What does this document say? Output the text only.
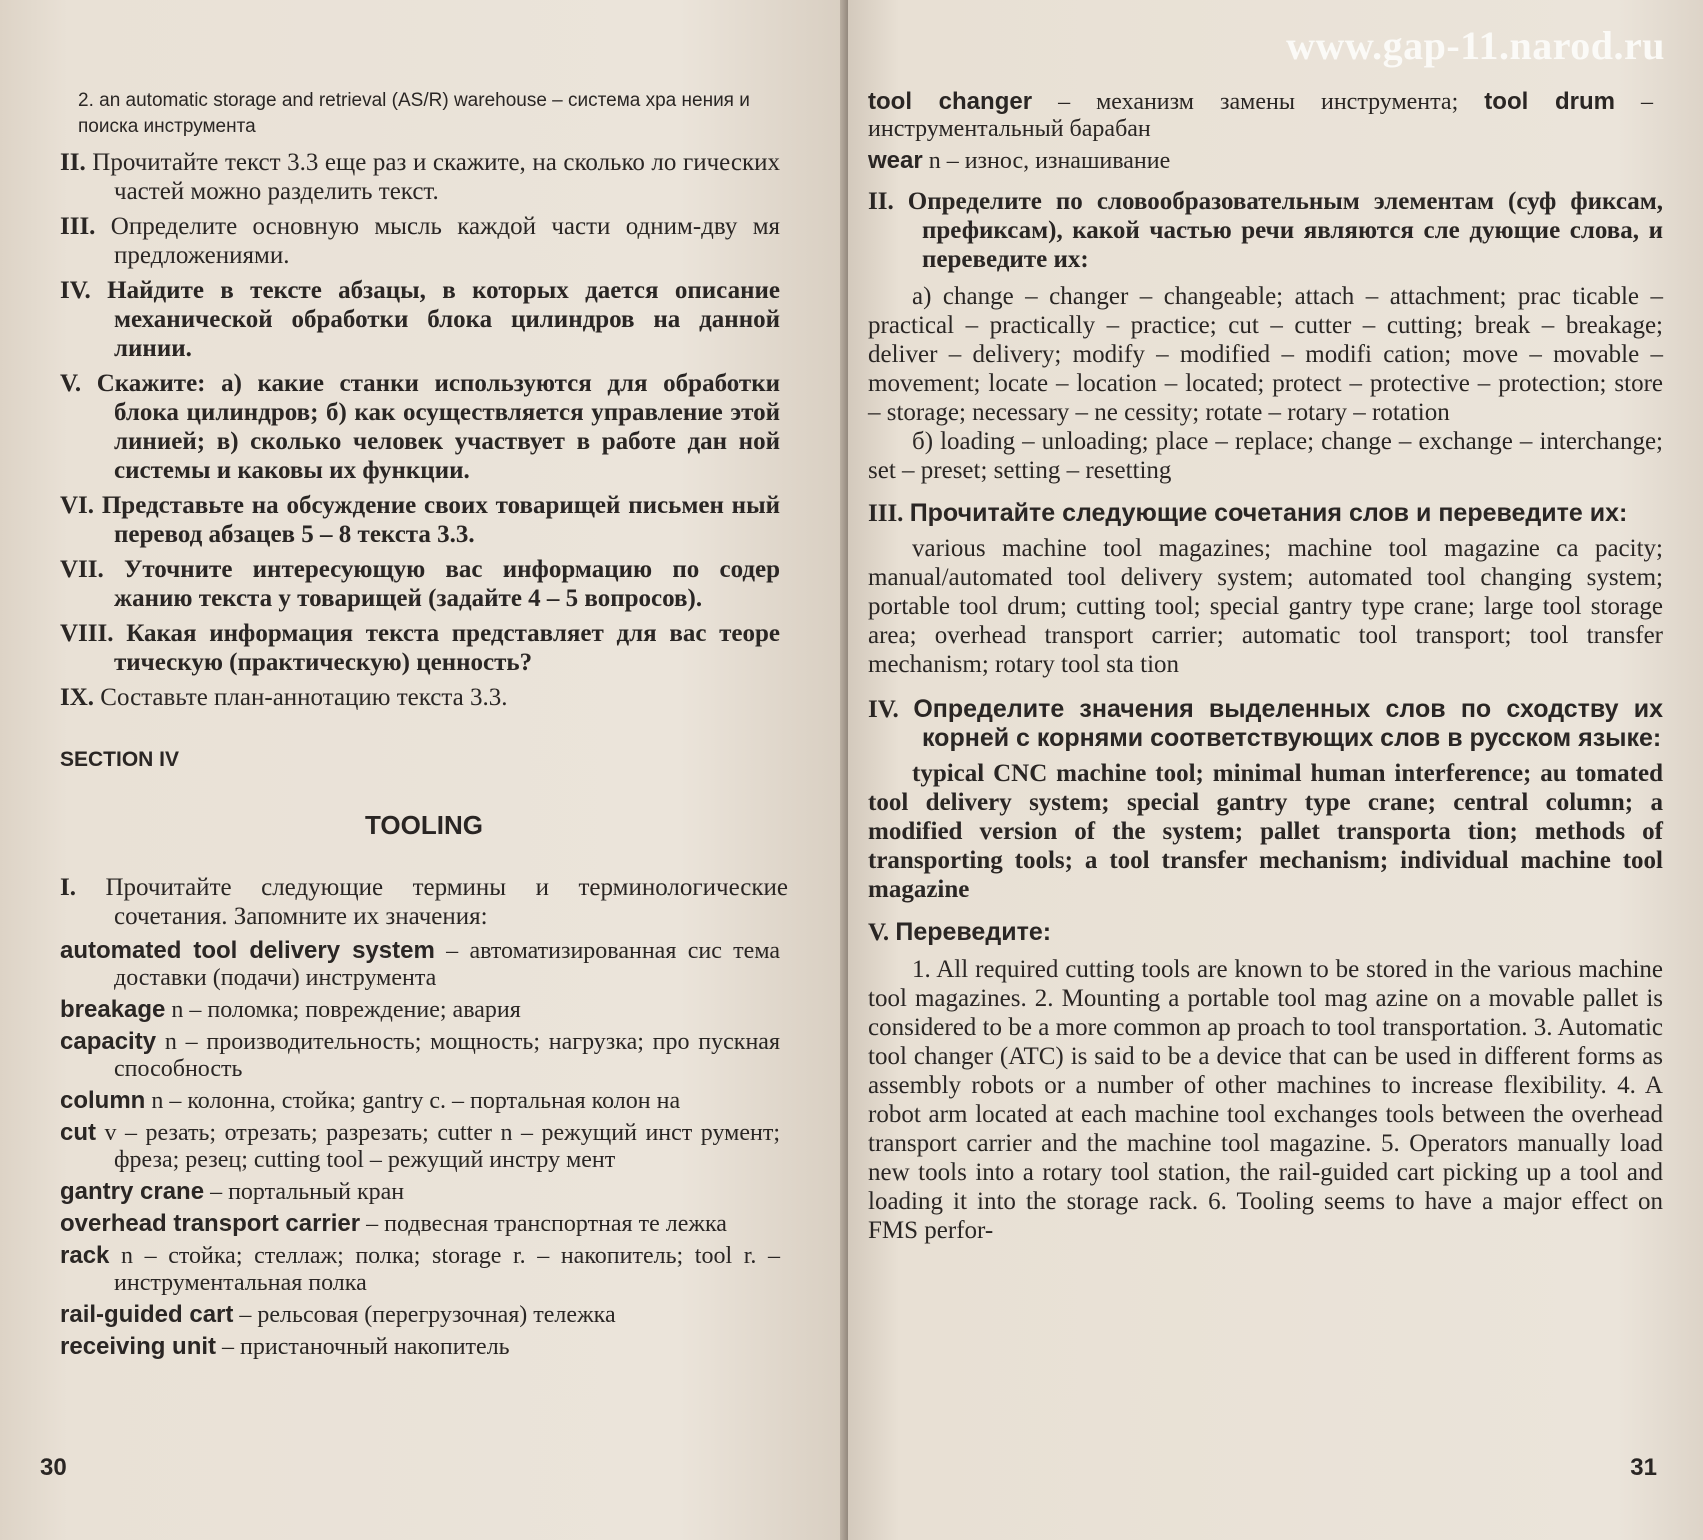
2. an automatic storage and retrieval (AS/R) warehouse – система хра нения и поиска инструмента

II. Прочитайте текст 3.3 еще раз и скажите, на сколько ло гических частей можно разделить текст.

III. Определите основную мысль каждой части одним-дву мя предложениями.

IV. Найдите в тексте абзацы, в которых дается описание механической обработки блока цилиндров на данной линии.

V. Скажите: а) какие станки используются для обработки блока цилиндров; б) как осуществляется управление этой линией; в) сколько человек участвует в работе дан ной системы и каковы их функции.

VI. Представьте на обсуждение своих товарищей письмен ный перевод абзацев 5 – 8 текста 3.3.

VII. Уточните интересующую вас информацию по содер жанию текста у товарищей (задайте 4 – 5 вопросов).

VIII. Какая информация текста представляет для вас теоре тическую (практическую) ценность?

IX. Составьте план-аннотацию текста 3.3.

SECTION IV

TOOLING

I. Прочитайте следующие термины и терминологические сочетания. Запомните их значения:

automated tool delivery system – автоматизированная сис тема доставки (подачи) инструмента

breakage n – поломка; повреждение; авария

capacity n – производительность; мощность; нагрузка; про пускная способность

column n – колонна, стойка; gantry с. – портальная колон на

cut v – резать; отрезать; разрезать; cutter n – режущий инст румент; фреза; резец; cutting tool – режущий инстру мент

gantry crane – портальный кран

overhead transport carrier – подвесная транспортная те лежка

rack n – стойка; стеллаж; полка; storage r. – накопитель; tool r. – инструментальная полка

rail-guided cart – рельсовая (перегрузочная) тележка

receiving unit – пристаночный накопитель

30

tool changer – механизм замены инструмента; tool drum – инструментальный барабан

wear n – износ, изнашивание

II. Определите по словообразовательным элементам (суф фиксам, префиксам), какой частью речи являются сле дующие слова, и переведите их:

а) change – changer – changeable; attach – attachment; prac ticable – practical – practically – practice; cut – cutter – cutting; break – breakage; deliver – delivery; modify – modified – modifi cation; move – movable – movement; locate – location – located; protect – protective – protection; store – storage; necessary – ne cessity; rotate – rotary – rotation

б) loading – unloading; place – replace; change – exchange – interchange; set – preset; setting – resetting

III. Прочитайте следующие сочетания слов и переведите их:

various machine tool magazines; machine tool magazine ca pacity; manual/automated tool delivery system; automated tool changing system; portable tool drum; cutting tool; special gantry type crane; large tool storage area; overhead transport carrier; automatic tool transport; tool transfer mechanism; rotary tool sta tion

IV. Определите значения выделенных слов по сходству их корней с корнями соответствующих слов в русском языке:

typical CNC machine tool; minimal human interference; au tomated tool delivery system; special gantry type crane; central column; a modified version of the system; pallet transporta tion; methods of transporting tools; a tool transfer mechanism; individual machine tool magazine

V. Переведите:

1. All required cutting tools are known to be stored in the various machine tool magazines. 2. Mounting a portable tool mag azine on a movable pallet is considered to be a more common ap proach to tool transportation. 3. Automatic tool changer (ATC) is said to be a device that can be used in different forms as assembly robots or a number of other machines to increase flexibility. 4. A robot arm located at each machine tool exchanges tools between the overhead transport carrier and the machine tool magazine. 5. Operators manually load new tools into a rotary tool station, the rail-guided cart picking up a tool and loading it into the storage rack. 6. Tooling seems to have a major effect on FMS perfor-

31
www.gap-11.narod.ru
